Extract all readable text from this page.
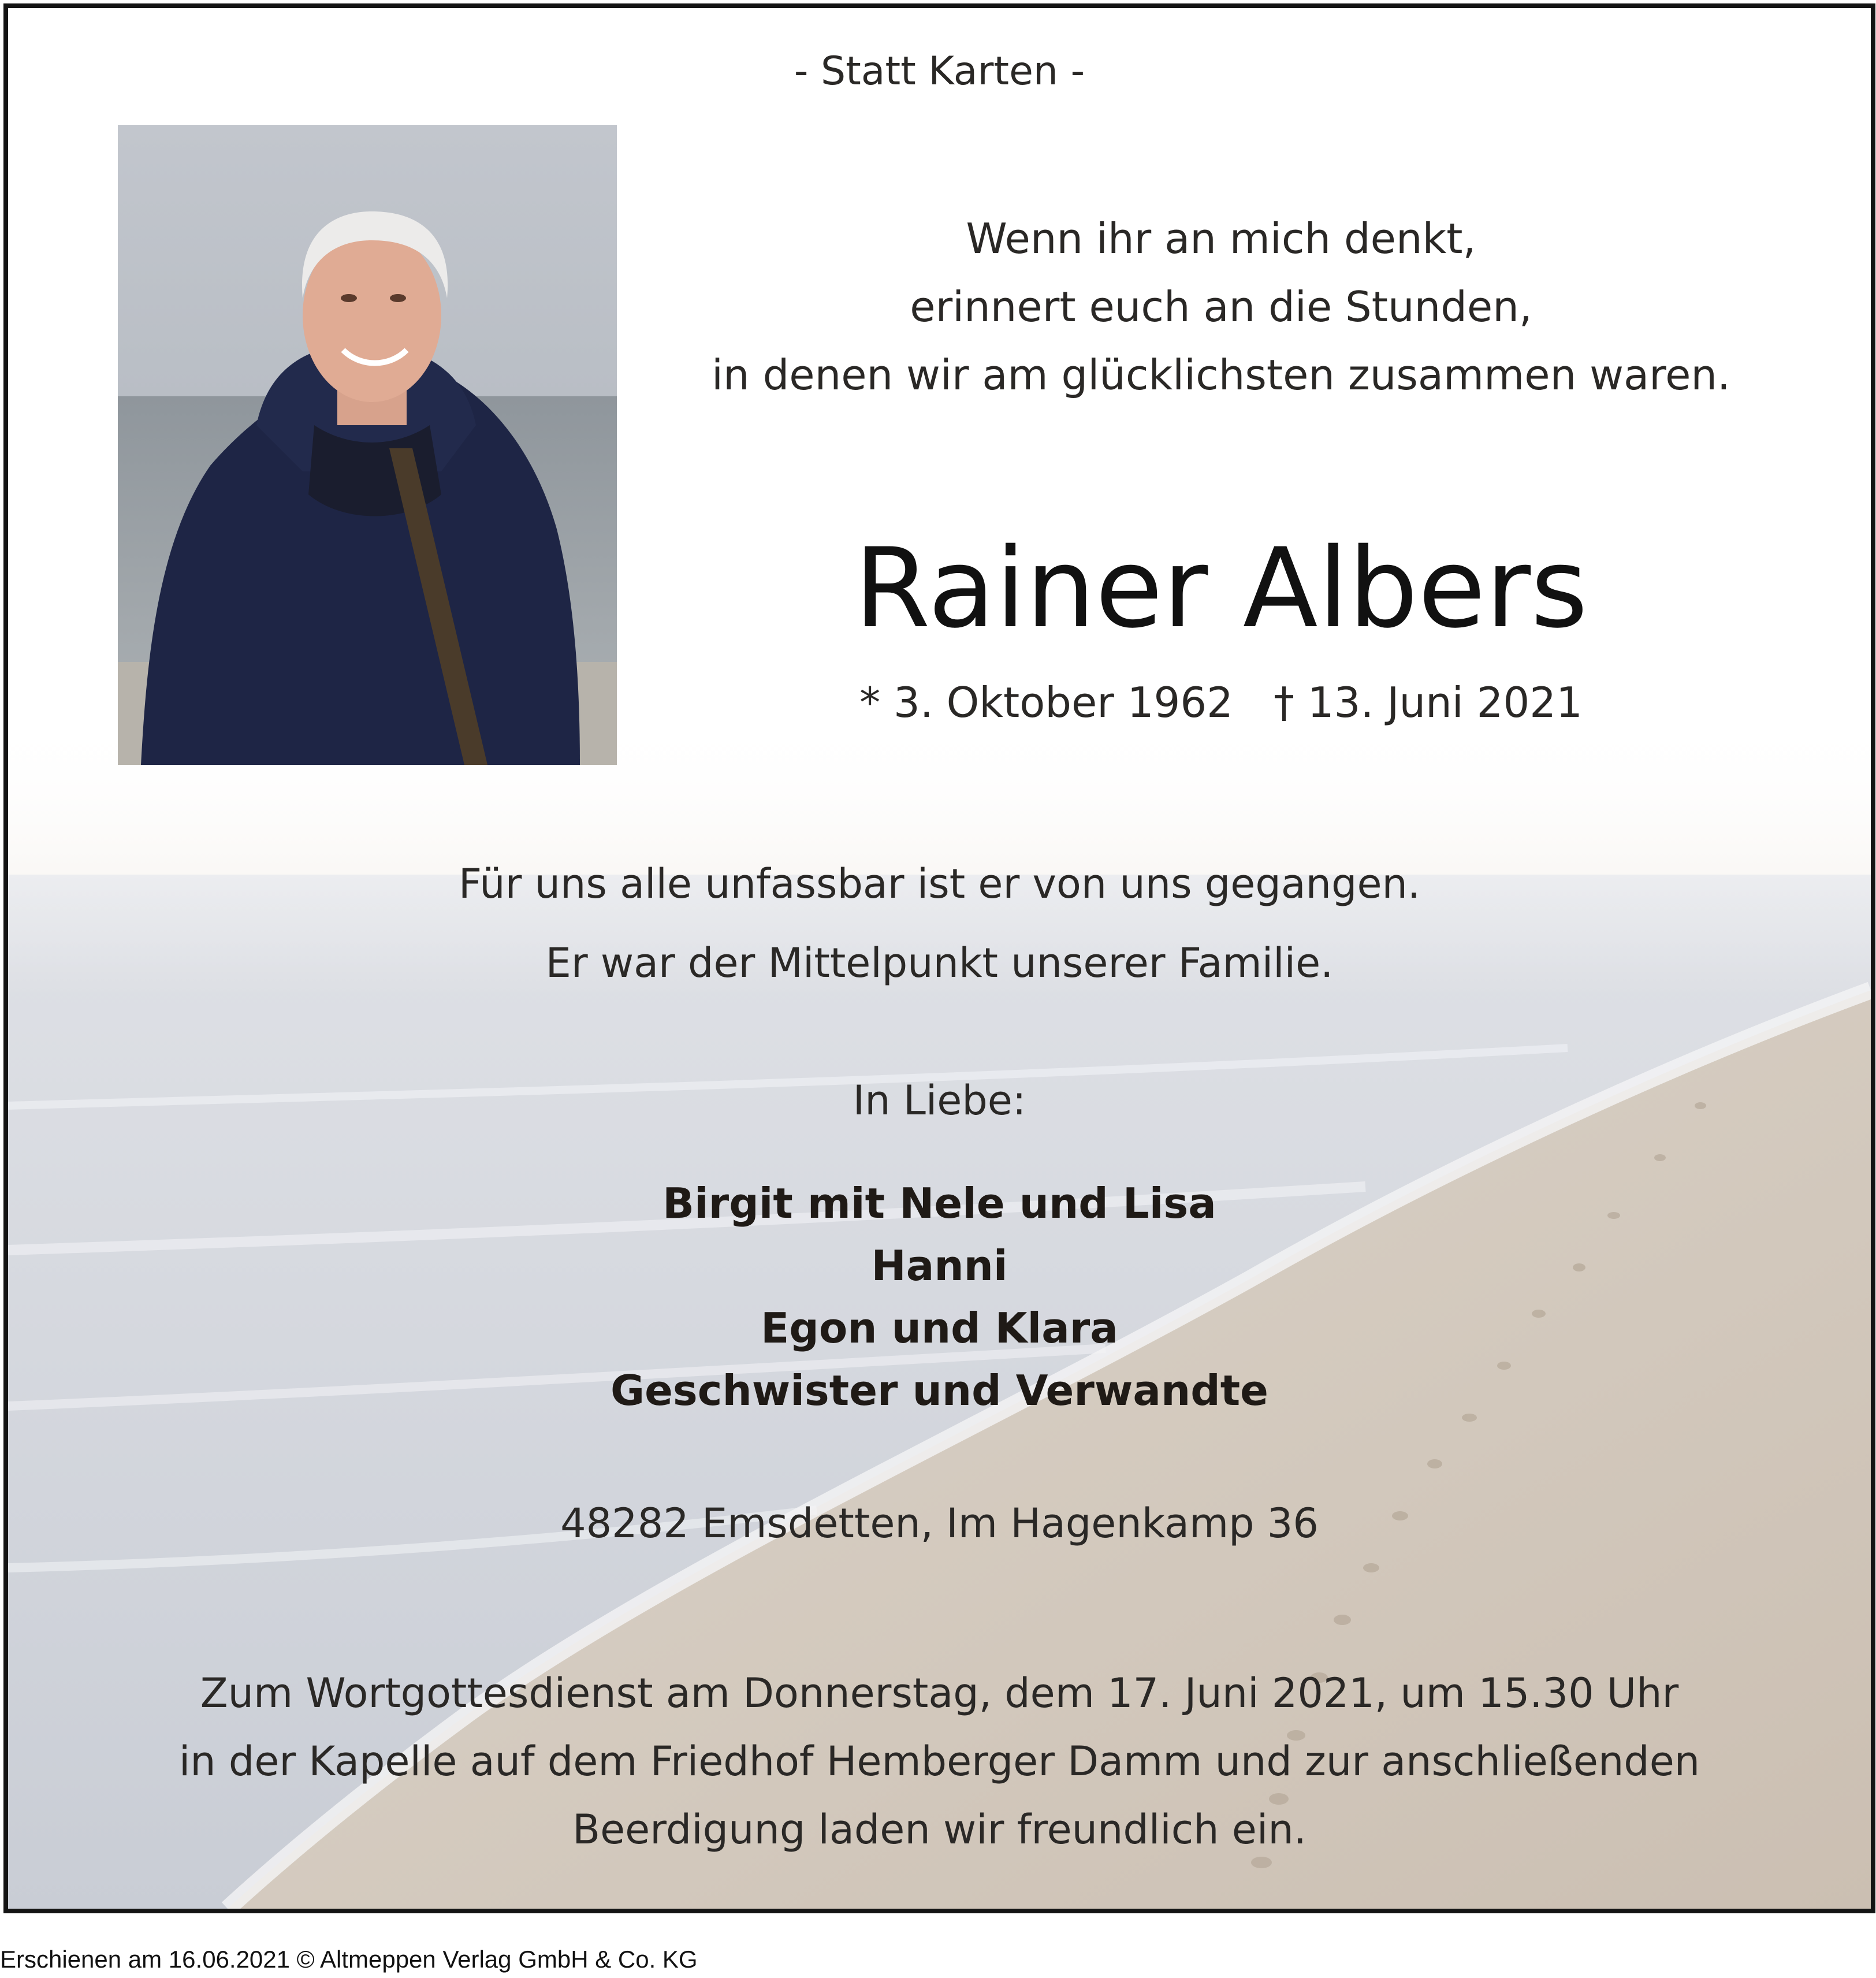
- Statt Karten -
Wenn ihr an mich denkt,
erinnert euch an die Stunden,
in denen wir am glücklichsten zusammen waren.
Rainer Albers
* 3. Oktober 1962 † 13. Juni 2021
Für uns alle unfassbar ist er von uns gegangen.
Er war der Mittelpunkt unserer Familie.
In Liebe:
Birgit mit Nele und Lisa
Hanni
Egon und Klara
Geschwister und Verwandte
48282 Emsdetten, Im Hagenkamp 36
Zum Wortgottesdienst am Donnerstag, dem 17. Juni 2021, um 15.30 Uhr
in der Kapelle auf dem Friedhof Hemberger Damm und zur anschließenden
Beerdigung laden wir freundlich ein.
Erschienen am 16.06.2021 © Altmeppen Verlag GmbH & Co. KG
